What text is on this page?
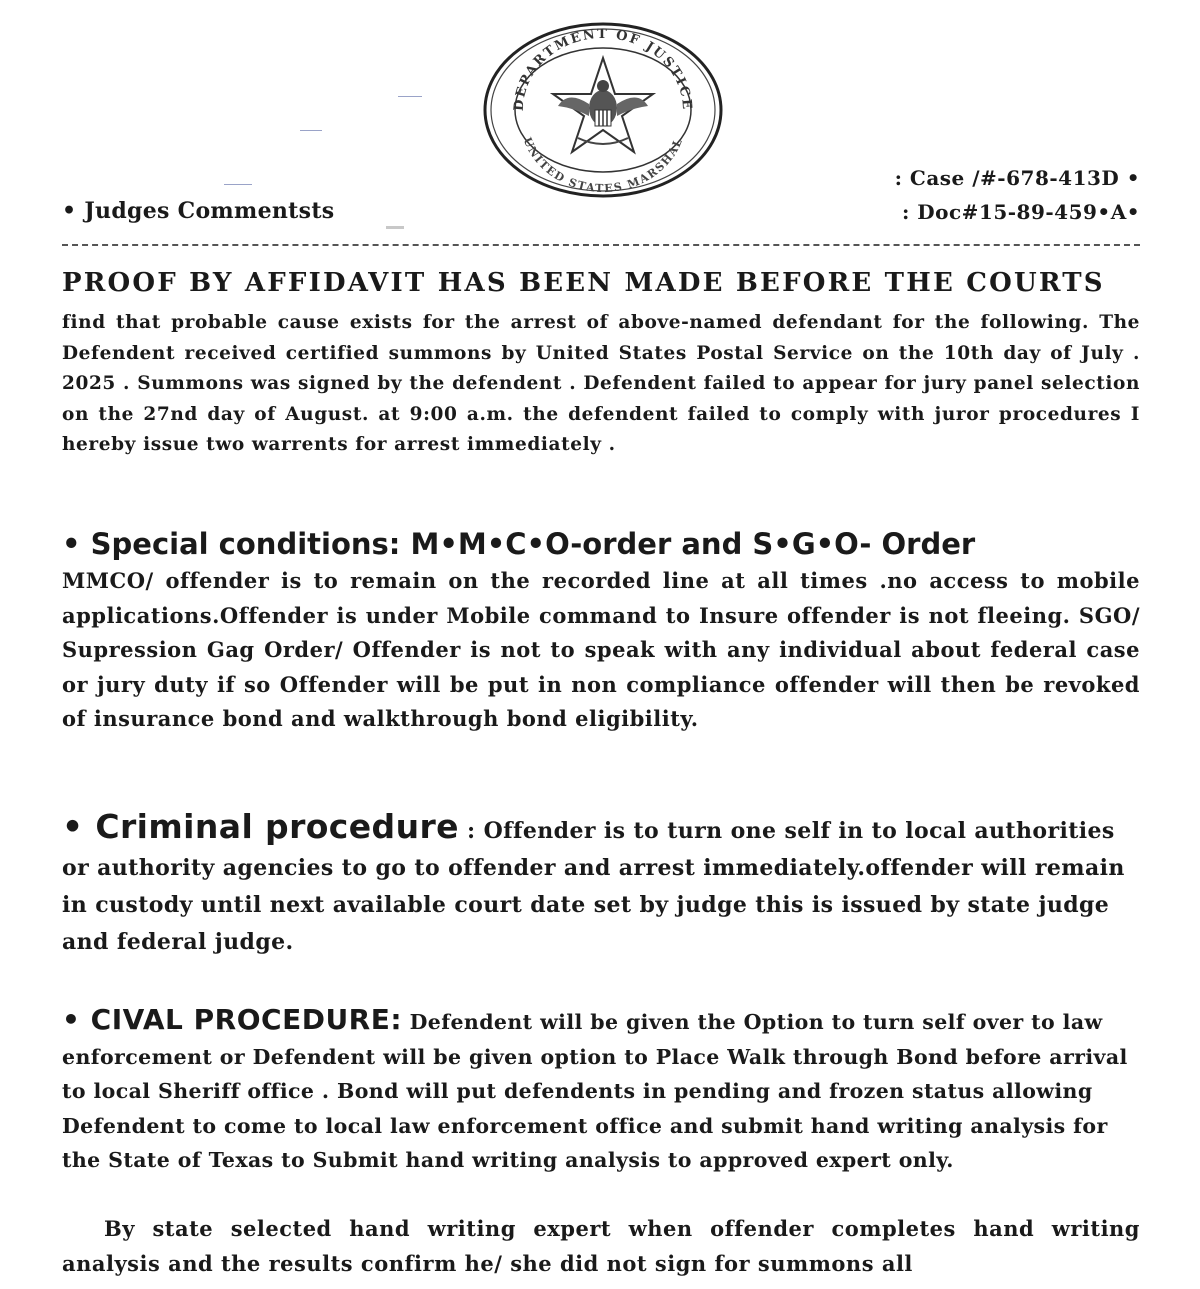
DEPARTMENT OF JUSTICE
UNITED STATES MARSHAL
• Judges Commentsts
: Case /#-678-413D •
: Doc#15-89-459•A•
PROOF BY AFFIDAVIT HAS BEEN MADE BEFORE THE COURTS
find that probable cause exists for the arrest of above-named defendant for the following. The Defendent received certified summons by United States Postal Service on the 10th day of July . 2025 . Summons was signed by the defendent . Defendent failed to appear for jury panel selection on the 27nd day of August. at 9:00 a.m. the defendent failed to comply with juror procedures I hereby issue two warrents for arrest immediately .
• Special conditions: M•M•C•O-order and S•G•O- Order
MMCO/ offender is to remain on the recorded line at all times .no access to mobile applications.Offender is under Mobile command to Insure offender is not fleeing. SGO/ Supression Gag Order/ Offender is not to speak with any individual about federal case or jury duty if so Offender will be put in non compliance offender will then be revoked of insurance bond and walkthrough bond eligibility.
• Criminal procedure : Offender is to turn one self in to local authorities or authority agencies to go to offender and arrest immediately.offender will remain in custody until next available court date set by judge this is issued by state judge and federal judge.
• CIVAL PROCEDURE: Defendent will be given the Option to turn self over to law enforcement or Defendent will be given option to Place Walk through Bond before arrival to local Sheriff office . Bond will put defendents in pending and frozen status allowing Defendent to come to local law enforcement office and submit hand writing analysis for the State of Texas to Submit hand writing analysis to approved expert only.
By state selected hand writing expert when offender completes hand writing analysis and the results confirm he/ she did not sign for summons all
